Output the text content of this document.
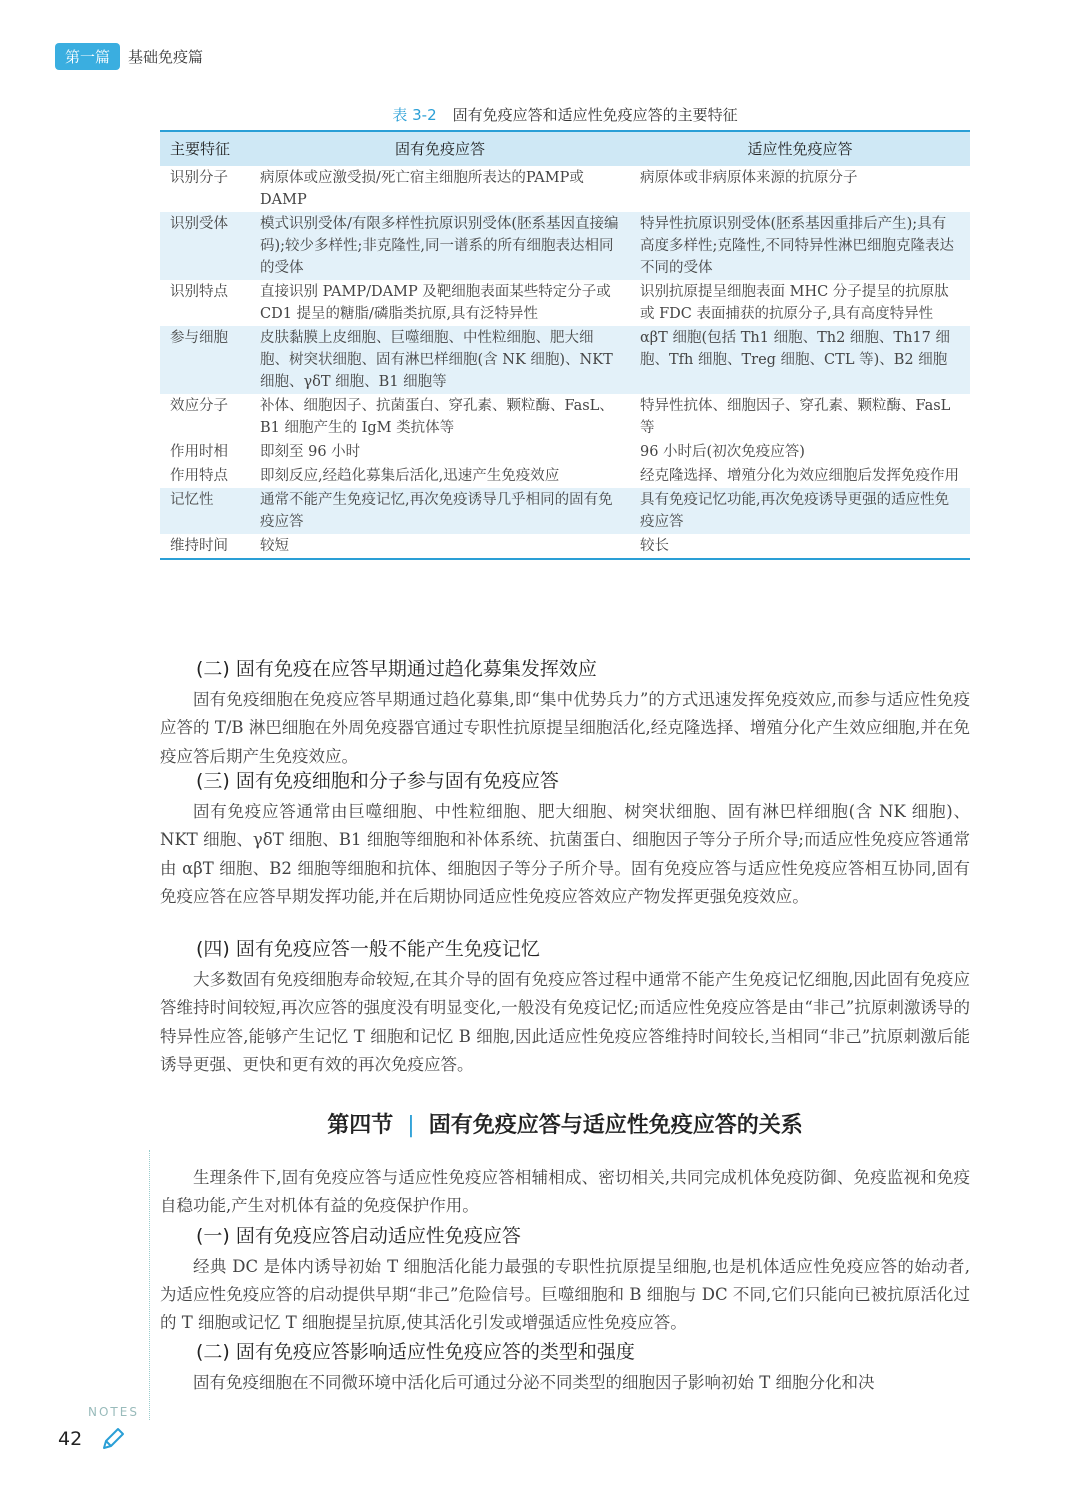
第一篇	基础免疫篇
表 3-2 固有免疫应答和适应性免疫应答的主要特征
主要特征	固有免疫应答	适应性免疫应答
识别分子	病原体或应激受损/死亡宿主细胞所表达的PAMP或 DAMP	病原体或非病原体来源的抗原分子
识别受体	模式识别受体/有限多样性抗原识别受体(胚系基因直接编码);较少多样性;非克隆性,同一谱系的所有细胞表达相同的受体	特异性抗原识别受体(胚系基因重排后产生);具有高度多样性;克隆性,不同特异性淋巴细胞克隆表达不同的受体
识别特点	直接识别 PAMP/DAMP 及靶细胞表面某些特定分子或 CD1 提呈的糖脂/磷脂类抗原,具有泛特异性	识别抗原提呈细胞表面 MHC 分子提呈的抗原肽或 FDC 表面捕获的抗原分子,具有高度特异性
参与细胞	皮肤黏膜上皮细胞、巨噬细胞、中性粒细胞、肥大细胞、树突状细胞、固有淋巴样细胞(含 NK 细胞)、NKT 细胞、γδT 细胞、B1 细胞等	αβT 细胞(包括 Th1 细胞、Th2 细胞、Th17 细胞、Tfh 细胞、Treg 细胞、CTL 等)、B2 细胞
效应分子	补体、细胞因子、抗菌蛋白、穿孔素、颗粒酶、FasL、B1 细胞产生的 IgM 类抗体等	特异性抗体、细胞因子、穿孔素、颗粒酶、FasL 等
作用时相	即刻至 96 小时	96 小时后(初次免疫应答)
作用特点	即刻反应,经趋化募集后活化,迅速产生免疫效应	经克隆选择、增殖分化为效应细胞后发挥免疫作用
记忆性	通常不能产生免疫记忆,再次免疫诱导几乎相同的固有免疫应答	具有免疫记忆功能,再次免疫诱导更强的适应性免疫应答
维持时间	较短	较长
(二) 固有免疫在应答早期通过趋化募集发挥效应

固有免疫细胞在免疫应答早期通过趋化募集,即“集中优势兵力”的方式迅速发挥免疫效应,而参与适应性免疫应答的 T/B 淋巴细胞在外周免疫器官通过专职性抗原提呈细胞活化,经克隆选择、增殖分化产生效应细胞,并在免疫应答后期产生免疫效应。

(三) 固有免疫细胞和分子参与固有免疫应答

固有免疫应答通常由巨噬细胞、中性粒细胞、肥大细胞、树突状细胞、固有淋巴样细胞(含 NK 细胞)、NKT 细胞、γδT 细胞、B1 细胞等细胞和补体系统、抗菌蛋白、细胞因子等分子所介导;而适应性免疫应答通常由 αβT 细胞、B2 细胞等细胞和抗体、细胞因子等分子所介导。固有免疫应答与适应性免疫应答相互协同,固有免疫应答在应答早期发挥功能,并在后期协同适应性免疫应答效应产物发挥更强免疫效应。

(四) 固有免疫应答一般不能产生免疫记忆

大多数固有免疫细胞寿命较短,在其介导的固有免疫应答过程中通常不能产生免疫记忆细胞,因此固有免疫应答维持时间较短,再次应答的强度没有明显变化,一般没有免疫记忆;而适应性免疫应答是由“非己”抗原刺激诱导的特异性应答,能够产生记忆 T 细胞和记忆 B 细胞,因此适应性免疫应答维持时间较长,当相同“非己”抗原刺激后能诱导更强、更快和更有效的再次免疫应答。

第四节 | 固有免疫应答与适应性免疫应答的关系

生理条件下,固有免疫应答与适应性免疫应答相辅相成、密切相关,共同完成机体免疫防御、免疫监视和免疫自稳功能,产生对机体有益的免疫保护作用。

(一) 固有免疫应答启动适应性免疫应答

经典 DC 是体内诱导初始 T 细胞活化能力最强的专职性抗原提呈细胞,也是机体适应性免疫应答的始动者,为适应性免疫应答的启动提供早期“非己”危险信号。巨噬细胞和 B 细胞与 DC 不同,它们只能向已被抗原活化过的 T 细胞或记忆 T 细胞提呈抗原,使其活化引发或增强适应性免疫应答。

(二) 固有免疫应答影响适应性免疫应答的类型和强度

固有免疫细胞在不同微环境中活化后可通过分泌不同类型的细胞因子影响初始 T 细胞分化和决

NOTES
42
